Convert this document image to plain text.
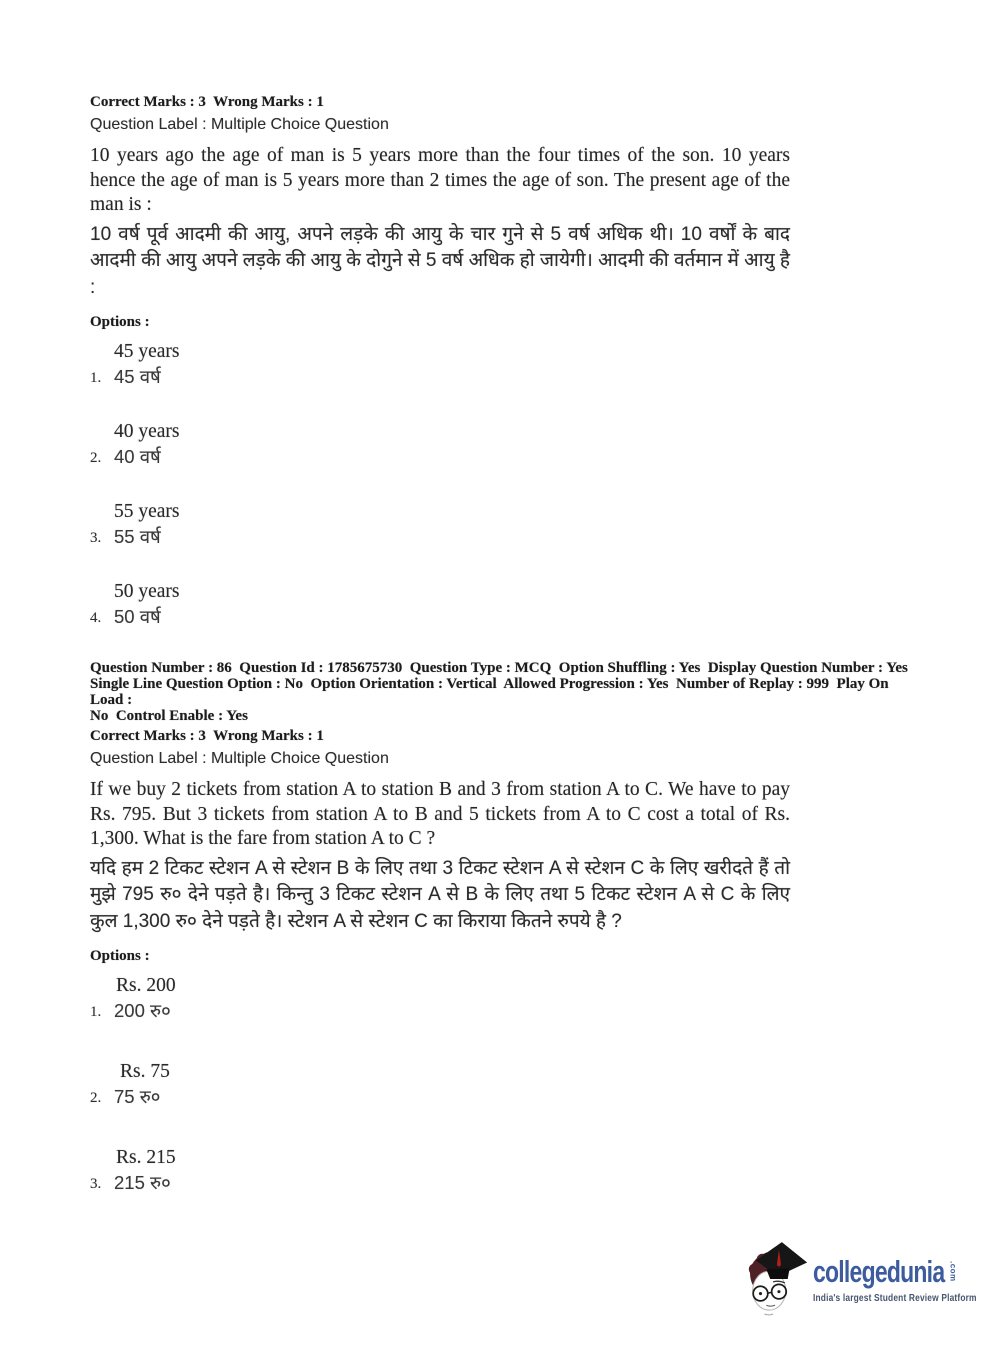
Correct Marks : 3  Wrong Marks : 1
Question Label : Multiple Choice Question

10 years ago the age of man is 5 years more than the four times of the son. 10 years hence the age of man is 5 years more than 2 times the age of son. The present age of the man is :

10 वर्ष पूर्व आदमी की आयु, अपने लड़के की आयु के चार गुने से 5 वर्ष अधिक थी। 10 वर्षों के बाद आदमी की आयु अपने लड़के की आयु के दोगुने से 5 वर्ष अधिक हो जायेगी। आदमी की वर्तमान में आयु है :

Options :
1.
45 years
45 वर्ष
2.
40 years
40 वर्ष
3.
55 years
55 वर्ष
4.
50 years
50 वर्ष
Question Number : 86  Question Id : 1785675730  Question Type : MCQ  Option Shuffling : Yes  Display Question Number : Yes
Single Line Question Option : No  Option Orientation : Vertical  Allowed Progression : Yes  Number of Replay : 999  Play On Load :
No  Control Enable : Yes
Correct Marks : 3  Wrong Marks : 1
Question Label : Multiple Choice Question

If we buy 2 tickets from station A to station B and 3 from station A to C. We have to pay Rs. 795. But 3 tickets from station A to B and 5 tickets from A to C cost a total of Rs. 1,300. What is the fare from station A to C ?

यदि हम 2 टिकट स्टेशन A से स्टेशन B के लिए तथा 3 टिकट स्टेशन A से स्टेशन C के लिए खरीदते हैं तो मुझे 795 रु० देने पड़ते है। किन्तु 3 टिकट स्टेशन A से B के लिए तथा 5 टिकट स्टेशन A से C के लिए कुल 1,300 रु० देने पड़ते है। स्टेशन A से स्टेशन C का किराया कितने रुपये है ?

Options :
1.
Rs. 200
200 रु०
2.
Rs. 75
75 रु०
3.
Rs. 215
215 रु०
collegedunia .com
India's largest Student Review Platform
